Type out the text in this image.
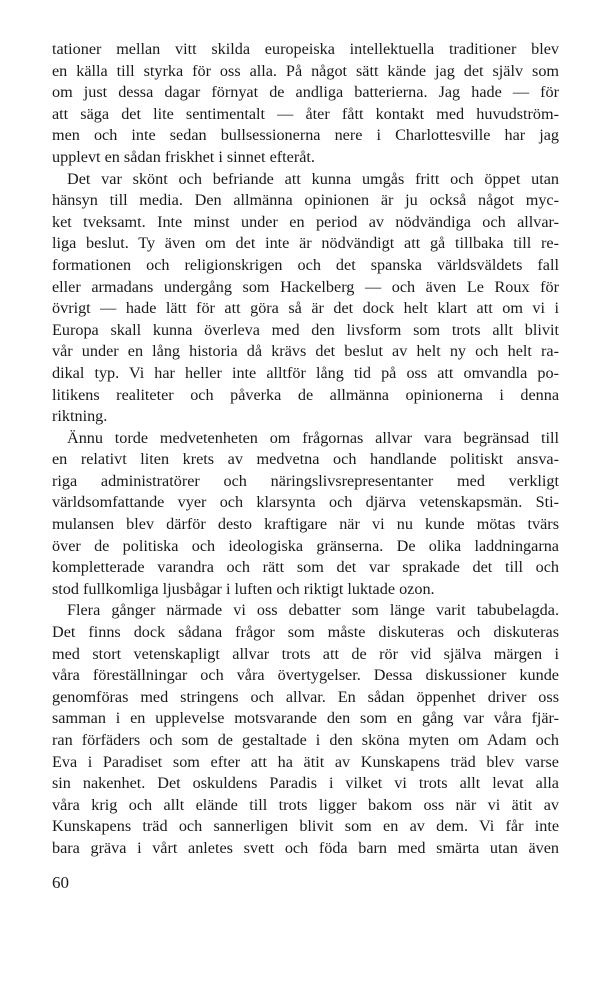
tationer mellan vitt skilda europeiska intellektuella traditioner blev
en källa till styrka för oss alla. På något sätt kände jag det själv som
om just dessa dagar förnyat de andliga batterierna. Jag hade — för
att säga det lite sentimentalt — åter fått kontakt med huvudström-
men och inte sedan bullsessionerna nere i Charlottesville har jag
upplevt en sådan friskhet i sinnet efteråt.
Det var skönt och befriande att kunna umgås fritt och öppet utan
hänsyn till media. Den allmänna opinionen är ju också något myc-
ket tveksamt. Inte minst under en period av nödvändiga och allvar-
liga beslut. Ty även om det inte är nödvändigt att gå tillbaka till re-
formationen och religionskrigen och det spanska världsväldets fall
eller armadans undergång som Hackelberg — och även Le Roux för
övrigt — hade lätt för att göra så är det dock helt klart att om vi i
Europa skall kunna överleva med den livsform som trots allt blivit
vår under en lång historia då krävs det beslut av helt ny och helt ra-
dikal typ. Vi har heller inte alltför lång tid på oss att omvandla po-
litikens realiteter och påverka de allmänna opinionerna i denna
riktning.
Ännu torde medvetenheten om frågornas allvar vara begränsad till
en relativt liten krets av medvetna och handlande politiskt ansva-
riga administratörer och näringslivsrepresentanter med verkligt
världsomfattande vyer och klarsynta och djärva vetenskapsmän. Sti-
mulansen blev därför desto kraftigare när vi nu kunde mötas tvärs
över de politiska och ideologiska gränserna. De olika laddningarna
kompletterade varandra och rätt som det var sprakade det till och
stod fullkomliga ljusbågar i luften och riktigt luktade ozon.
Flera gånger närmade vi oss debatter som länge varit tabubelagda.
Det finns dock sådana frågor som måste diskuteras och diskuteras
med stort vetenskapligt allvar trots att de rör vid själva märgen i
våra föreställningar och våra övertygelser. Dessa diskussioner kunde
genomföras med stringens och allvar. En sådan öppenhet driver oss
samman i en upplevelse motsvarande den som en gång var våra fjär-
ran förfäders och som de gestaltade i den sköna myten om Adam och
Eva i Paradiset som efter att ha ätit av Kunskapens träd blev varse
sin nakenhet. Det oskuldens Paradis i vilket vi trots allt levat alla
våra krig och allt elände till trots ligger bakom oss när vi ätit av
Kunskapens träd och sannerligen blivit som en av dem. Vi får inte
bara gräva i vårt anletes svett och föda barn med smärta utan även
60
